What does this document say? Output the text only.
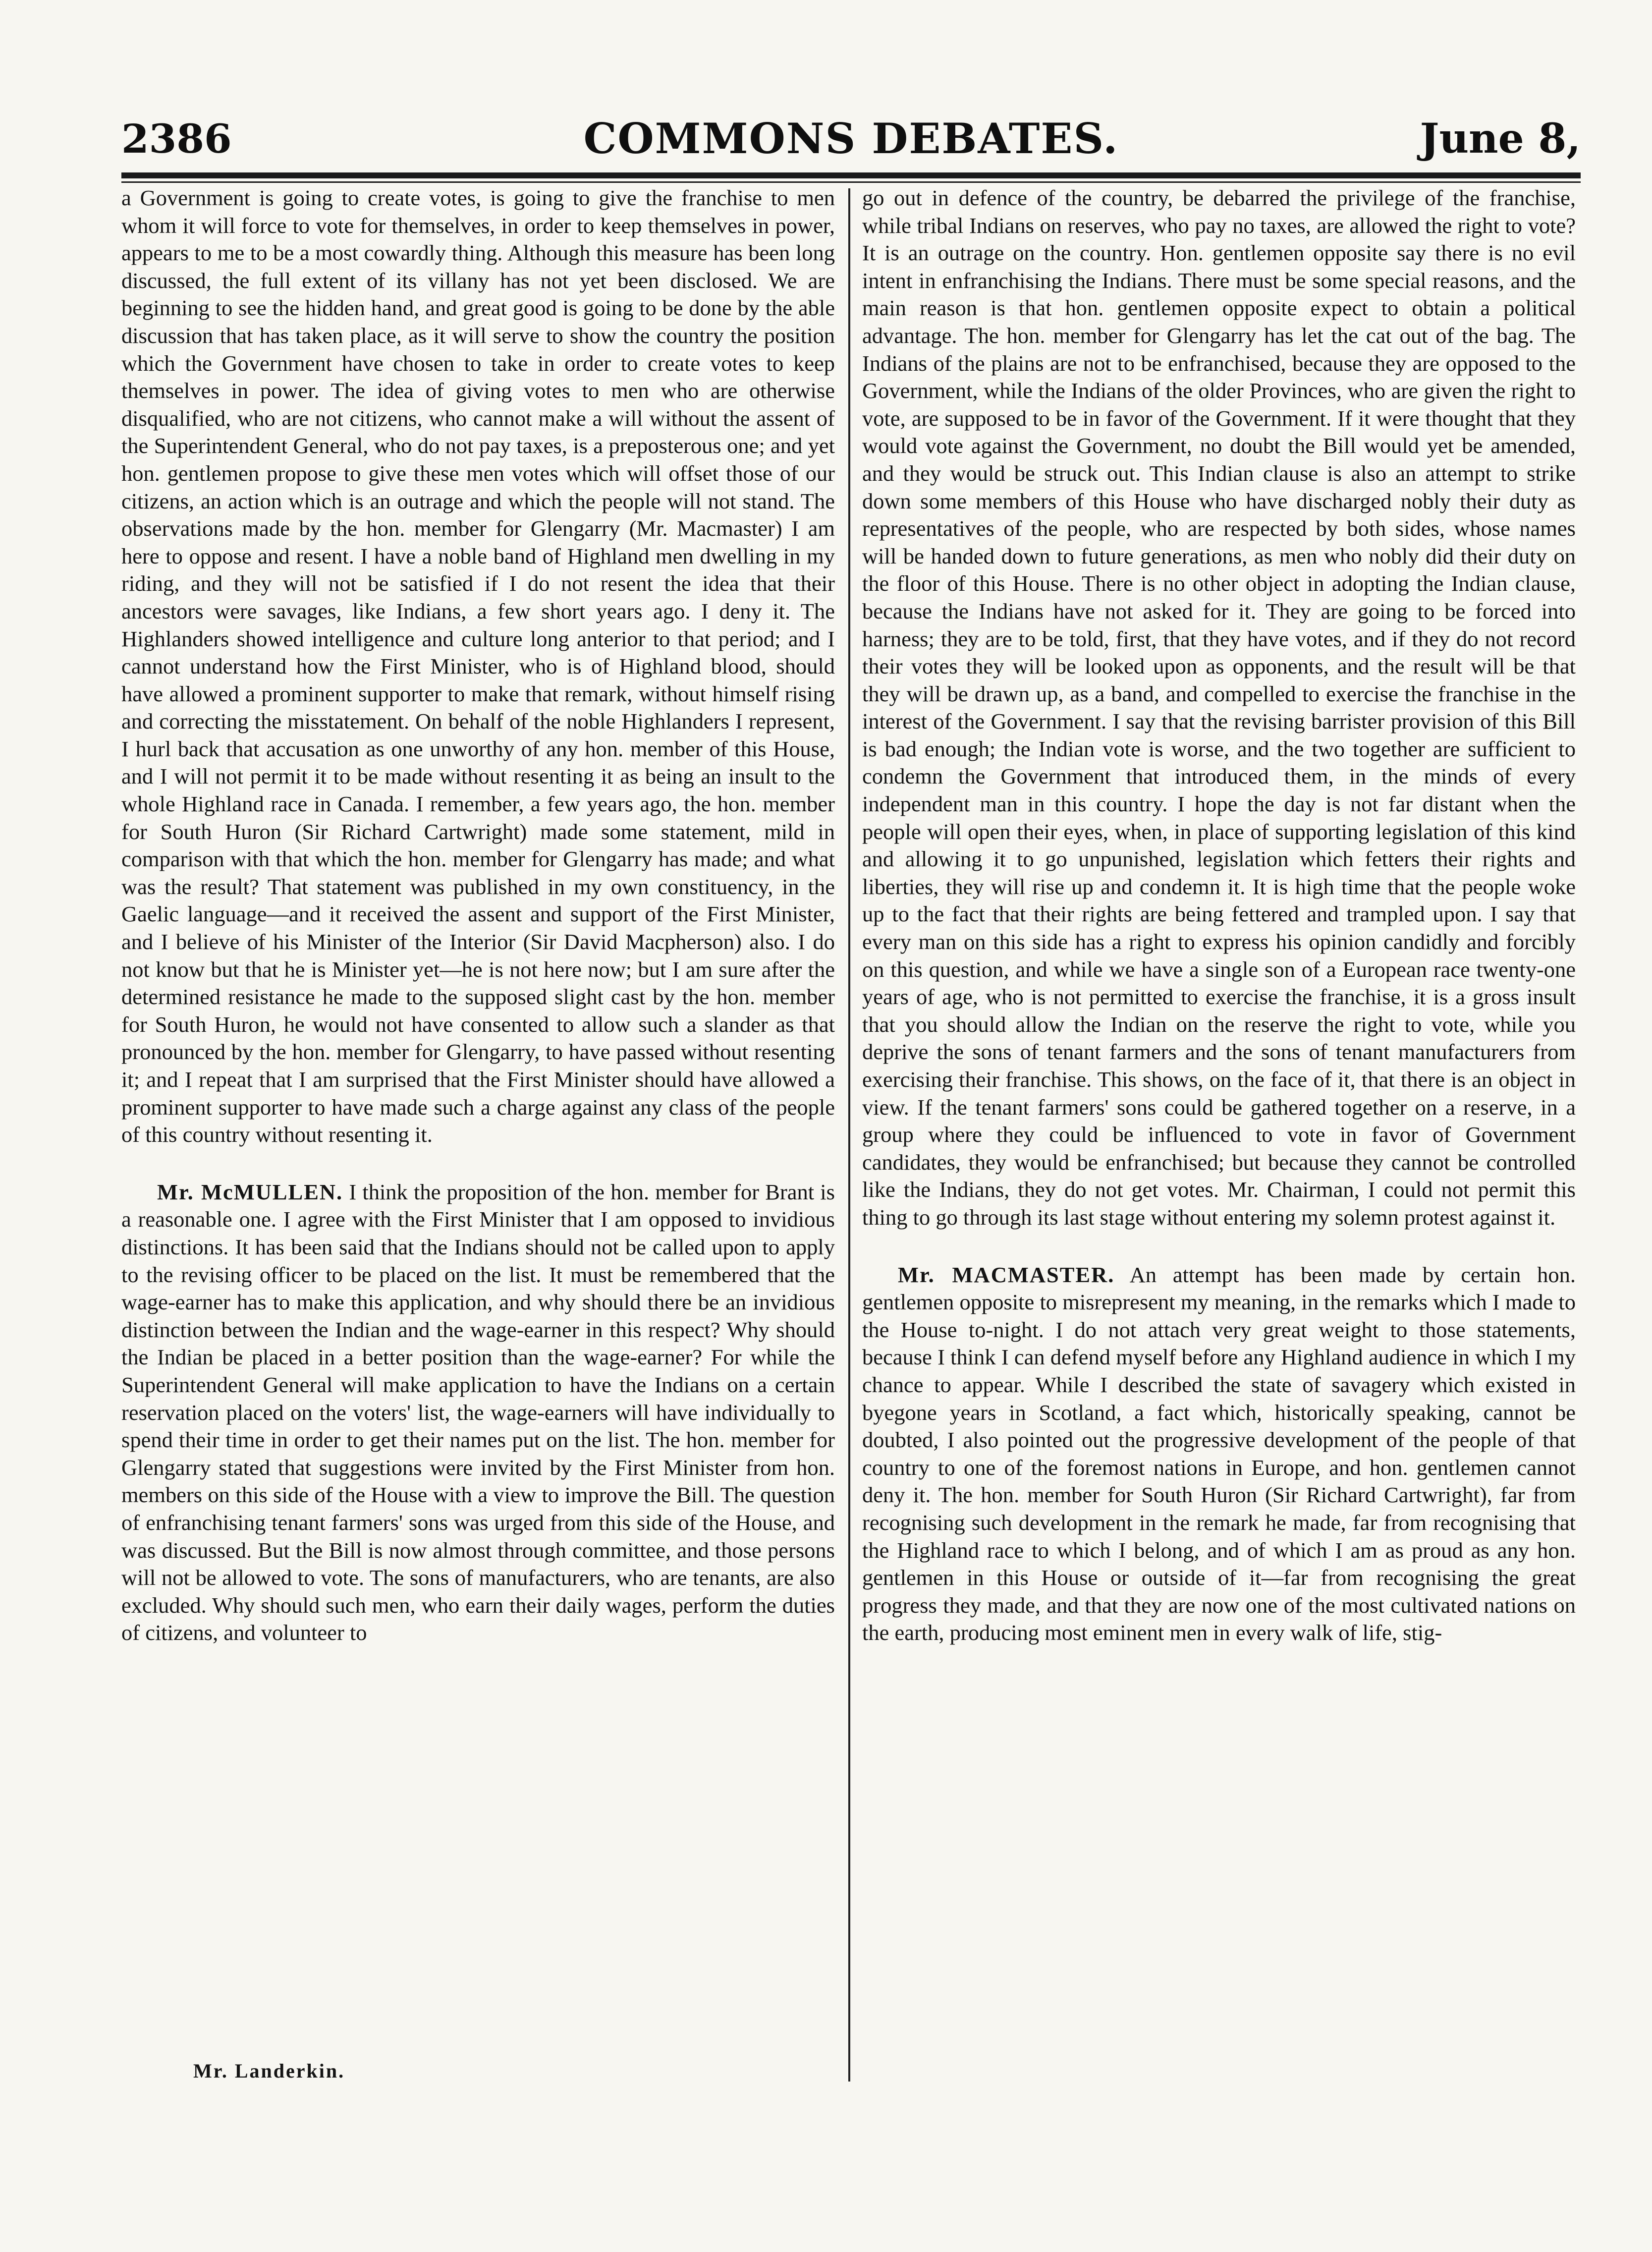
COMMONS DEBATES.
2386	June 8,

a Government is going to create votes, is going to give the franchise to men whom it will force to vote for themselves, in order to keep themselves in power, appears to me to be a most cowardly thing. Although this measure has been long discussed, the full extent of its villany has not yet been disclosed. We are beginning to see the hidden hand, and great good is going to be done by the able discussion that has taken place, as it will serve to show the country the position which the Government have chosen to take in order to create votes to keep themselves in power. The idea of giving votes to men who are otherwise disqualified, who are not citizens, who cannot make a will without the assent of the Superintendent General, who do not pay taxes, is a preposterous one; and yet hon. gentlemen propose to give these men votes which will offset those of our citizens, an action which is an outrage and which the people will not stand. The observations made by the hon. member for Glengarry (Mr. Macmaster) I am here to oppose and resent. I have a noble band of Highland men dwelling in my riding, and they will not be satisfied if I do not resent the idea that their ancestors were savages, like Indians, a few short years ago. I deny it. The Highlanders showed intelligence and culture long anterior to that period; and I cannot understand how the First Minister, who is of Highland blood, should have allowed a prominent supporter to make that remark, without himself rising and correcting the misstatement. On behalf of the noble Highlanders I represent, I hurl back that accusation as one unworthy of any hon. member of this House, and I will not permit it to be made without resenting it as being an insult to the whole Highland race in Canada. I remember, a few years ago, the hon. member for South Huron (Sir Richard Cartwright) made some statement, mild in comparison with that which the hon. member for Glengarry has made; and what was the result? That statement was published in my own constituency, in the Gaelic language—and it received the assent and support of the First Minister, and I believe of his Minister of the Interior (Sir David Macpherson) also. I do not know but that he is Minister yet—he is not here now; but I am sure after the determined resistance he made to the supposed slight cast by the hon. member for South Huron, he would not have consented to allow such a slander as that pronounced by the hon. member for Glengarry, to have passed without resenting it; and I repeat that I am surprised that the First Minister should have allowed a prominent supporter to have made such a charge against any class of the people of this country without resenting it.

Mr. McMULLEN. I think the proposition of the hon. member for Brant is a reasonable one. I agree with the First Minister that I am opposed to invidious distinctions. It has been said that the Indians should not be called upon to apply to the revising officer to be placed on the list. It must be remembered that the wage-earner has to make this application, and why should there be an invidious distinction between the Indian and the wage-earner in this respect? Why should the Indian be placed in a better position than the wage-earner? For while the Superintendent General will make application to have the Indians on a certain reservation placed on the voters' list, the wage-earners will have individually to spend their time in order to get their names put on the list. The hon. member for Glengarry stated that suggestions were invited by the First Minister from hon. members on this side of the House with a view to improve the Bill. The question of enfranchising tenant farmers' sons was urged from this side of the House, and was discussed. But the Bill is now almost through committee, and those persons will not be allowed to vote. The sons of manufacturers, who are tenants, are also excluded. Why should such men, who earn their daily wages, perform the duties of citizens, and volunteer to

go out in defence of the country, be debarred the privilege of the franchise, while tribal Indians on reserves, who pay no taxes, are allowed the right to vote? It is an outrage on the country. Hon. gentlemen opposite say there is no evil intent in enfranchising the Indians. There must be some special reasons, and the main reason is that hon. gentlemen opposite expect to obtain a political advantage. The hon. member for Glengarry has let the cat out of the bag. The Indians of the plains are not to be enfranchised, because they are opposed to the Government, while the Indians of the older Provinces, who are given the right to vote, are supposed to be in favor of the Government. If it were thought that they would vote against the Government, no doubt the Bill would yet be amended, and they would be struck out. This Indian clause is also an attempt to strike down some members of this House who have discharged nobly their duty as representatives of the people, who are respected by both sides, whose names will be handed down to future generations, as men who nobly did their duty on the floor of this House. There is no other object in adopting the Indian clause, because the Indians have not asked for it. They are going to be forced into harness; they are to be told, first, that they have votes, and if they do not record their votes they will be looked upon as opponents, and the result will be that they will be drawn up, as a band, and compelled to exercise the franchise in the interest of the Government. I say that the revising barrister provision of this Bill is bad enough; the Indian vote is worse, and the two together are sufficient to condemn the Government that introduced them, in the minds of every independent man in this country. I hope the day is not far distant when the people will open their eyes, when, in place of supporting legislation of this kind and allowing it to go unpunished, legislation which fetters their rights and liberties, they will rise up and condemn it. It is high time that the people woke up to the fact that their rights are being fettered and trampled upon. I say that every man on this side has a right to express his opinion candidly and forcibly on this question, and while we have a single son of a European race twenty-one years of age, who is not permitted to exercise the franchise, it is a gross insult that you should allow the Indian on the reserve the right to vote, while you deprive the sons of tenant farmers and the sons of tenant manufacturers from exercising their franchise. This shows, on the face of it, that there is an object in view. If the tenant farmers' sons could be gathered together on a reserve, in a group where they could be influenced to vote in favor of Government candidates, they would be enfranchised; but because they cannot be controlled like the Indians, they do not get votes. Mr. Chairman, I could not permit this thing to go through its last stage without entering my solemn protest against it.

Mr. MACMASTER. An attempt has been made by certain hon. gentlemen opposite to misrepresent my meaning, in the remarks which I made to the House to-night. I do not attach very great weight to those statements, because I think I can defend myself before any Highland audience in which I my chance to appear. While I described the state of savagery which existed in byegone years in Scotland, a fact which, historically speaking, cannot be doubted, I also pointed out the progressive development of the people of that country to one of the foremost nations in Europe, and hon. gentlemen cannot deny it. The hon. member for South Huron (Sir Richard Cartwright), far from recognising such development in the remark he made, far from recognising that the Highland race to which I belong, and of which I am as proud as any hon. gentlemen in this House or outside of it—far from recognising the great progress they made, and that they are now one of the most cultivated nations on the earth, producing most eminent men in every walk of life, stig-

Mr. Landerkin.
